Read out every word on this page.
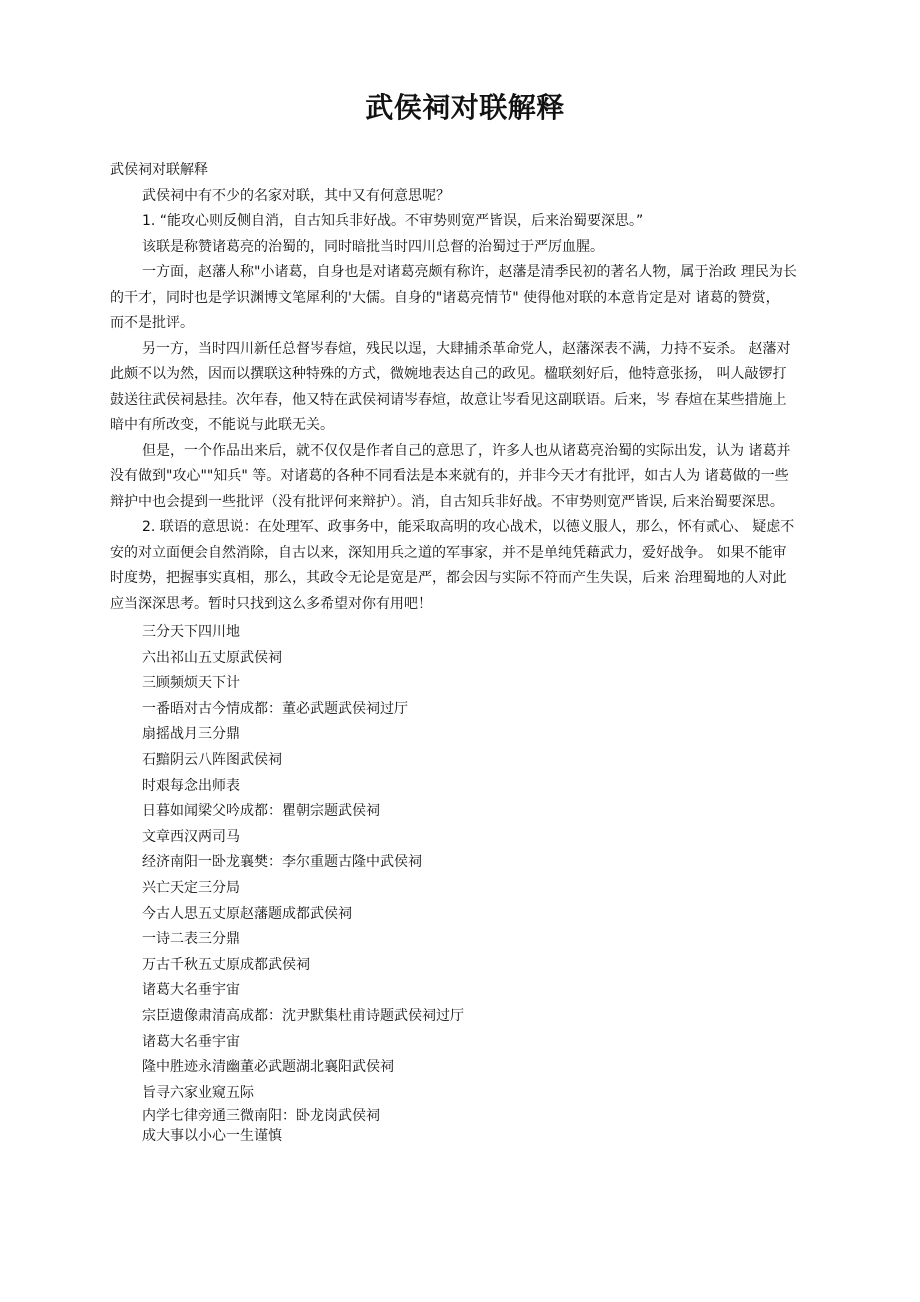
武侯祠对联解释
武侯祠对联解释
武侯祠中有不少的名家对联，其中又有何意思呢？
1. “能攻心则反侧自消，自古知兵非好战。不审势则宽严皆误，后来治蜀要深思。”
该联是称赞诸葛亮的治蜀的，同时暗批当时四川总督的治蜀过于严厉血腥。
一方面，赵藩人称"小诸葛，自身也是对诸葛亮颇有称许，赵藩是清季民初的著名人物，属于治政 理民为长
的干才，同时也是学识渊博文笔犀利的'大儒。自身的"诸葛亮情节" 使得他对联的本意肯定是对 诸葛的赞赏，
而不是批评。
另一方，当时四川新任总督岑春煊，残民以逞，大肆捕杀革命党人，赵藩深表不满，力持不妄杀。 赵藩对
此颇不以为然，因而以撰联这种特殊的方式，微婉地表达自己的政见。楹联刻好后，他特意张扬， 叫人敲锣打
鼓送往武侯祠悬挂。次年春，他又特在武侯祠请岑春煊，故意让岑看见这副联语。后来，岑 春煊在某些措施上
暗中有所改变，不能说与此联无关。
但是，一个作品出来后，就不仅仅是作者自己的意思了，许多人也从诸葛亮治蜀的实际出发，认为 诸葛并
没有做到"攻心""知兵" 等。对诸葛的各种不同看法是本来就有的，并非今天才有批评，如古人为 诸葛做的一些
辩护中也会提到一些批评（没有批评何来辩护）。消，自古知兵非好战。不审势则宽严皆误, 后来治蜀要深思。
2. 联语的意思说：在处理军、政事务中，能采取高明的攻心战术，以德义服人，那么，怀有贰心、 疑虑不
安的对立面便会自然消除，自古以来，深知用兵之道的军事家，并不是单纯凭藉武力，爱好战争。 如果不能审
时度势，把握事实真相，那么，其政令无论是宽是严，都会因与实际不符而产生失误，后来 治理蜀地的人对此
应当深深思考。暂时只找到这么多希望对你有用吧！
三分天下四川地
六出祁山五丈原武侯祠
三顾频烦天下计
一番晤对古今情成都：董必武题武侯祠过厅
扇摇战月三分鼎
石黯阴云八阵图武侯祠
时艰每念出师表
日暮如闻梁父吟成都：瞿朝宗题武侯祠
文章西汉两司马
经济南阳一卧龙襄樊：李尔重题古隆中武侯祠
兴亡天定三分局
今古人思五丈原赵藩题成都武侯祠
一诗二表三分鼎
万古千秋五丈原成都武侯祠
诸葛大名垂宇宙
宗臣遗像肃清高成都：沈尹默集杜甫诗题武侯祠过厅
诸葛大名垂宇宙
隆中胜迹永清幽董必武题湖北襄阳武侯祠
旨寻六家业窥五际
内学七律旁通三微南阳：卧龙岗武侯祠
成大事以小心一生谨慎
